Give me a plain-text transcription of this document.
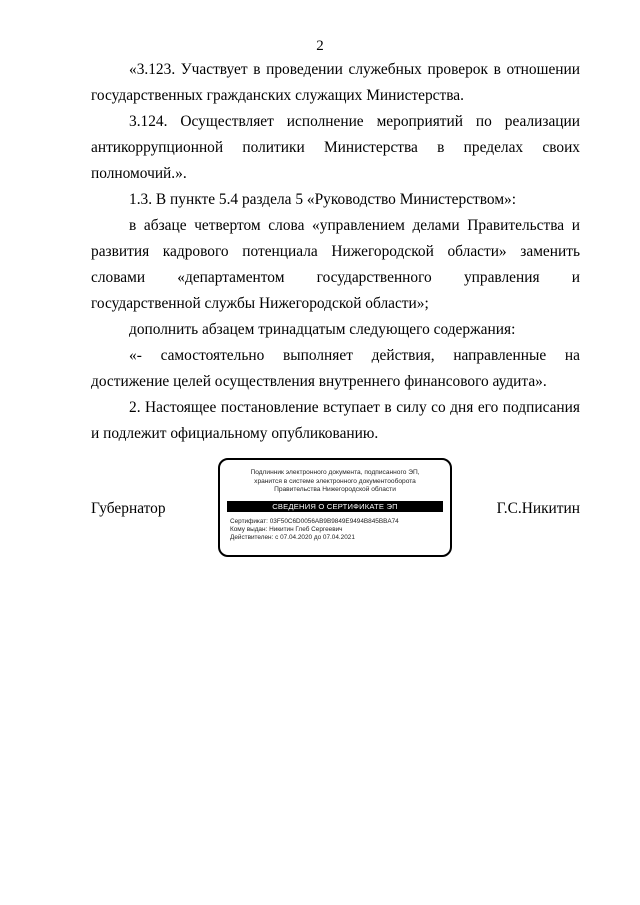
2

«3.123. Участвует в проведении служебных проверок в отношении государственных гражданских служащих Министерства.

3.124. Осуществляет исполнение мероприятий по реализации антикоррупционной политики Министерства в пределах своих полномочий.».

1.3. В пункте 5.4 раздела 5 «Руководство Министерством»:

в абзаце четвертом слова «управлением делами Правительства и развития кадрового потенциала Нижегородской области» заменить словами «департаментом государственного управления и государственной службы Нижегородской области»;

дополнить абзацем тринадцатым следующего содержания:

«- самостоятельно выполняет действия, направленные на достижение целей осуществления внутреннего финансового аудита».

2. Настоящее постановление вступает в силу со дня его подписания и подлежит официальному опубликованию.

Губернатор
Подлинник электронного документа, подписанного ЭП,
хранится в системе электронного документооборота
Правительства Нижегородской области
СВЕДЕНИЯ О СЕРТИФИКАТЕ ЭП
Сертификат: 03F50C6D0056AB9B9849E9494B845BBA74
Кому выдан: Никитин Глеб Сергеевич
Действителен: с 07.04.2020 до 07.04.2021
Г.С.Никитин
